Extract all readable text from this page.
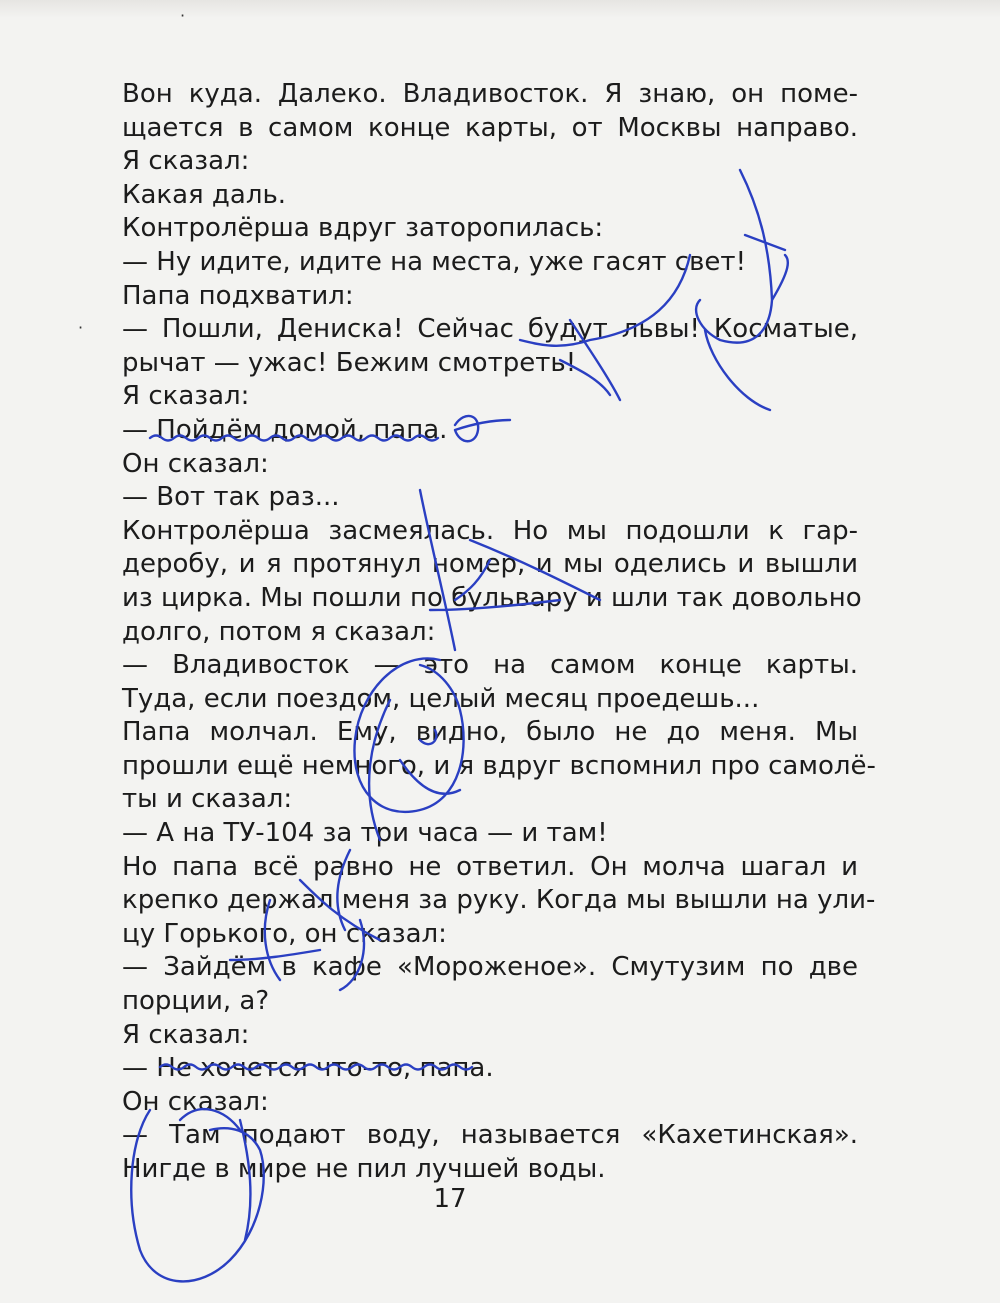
Вон куда. Далеко. Владивосток. Я знаю, он поме-
щается в самом конце карты, от Москвы направо.
Я сказал:
Какая даль.
Контролёрша вдруг заторопилась:
— Ну идите, идите на места, уже гасят свет!
Папа подхватил:
— Пошли, Дениска! Сейчас будут львы! Косматые,
рычат — ужас! Бежим смотреть!
Я сказал:
— Пойдём домой, папа.
Он сказал:
— Вот так раз...
Контролёрша засмеялась. Но мы подошли к гар-
деробу, и я протянул номер, и мы оделись и вышли
из цирка. Мы пошли по бульвару и шли так довольно
долго, потом я сказал:
— Владивосток — это на самом конце карты.
Туда, если поездом, целый месяц проедешь...
Папа молчал. Ему, видно, было не до меня. Мы
прошли ещё немного, и я вдруг вспомнил про самолё-
ты и сказал:
— А на ТУ-104 за три часа — и там!
Но папа всё равно не ответил. Он молча шагал и
крепко держал меня за руку. Когда мы вышли на ули-
цу Горького, он сказал:
— Зайдём в кафе «Мороженое». Смутузим по две
порции, а?
Я сказал:
— Не хочется что-то, папа.
Он сказал:
— Там подают воду, называется «Кахетинская».
Нигде в мире не пил лучшей воды.
17
·
·
